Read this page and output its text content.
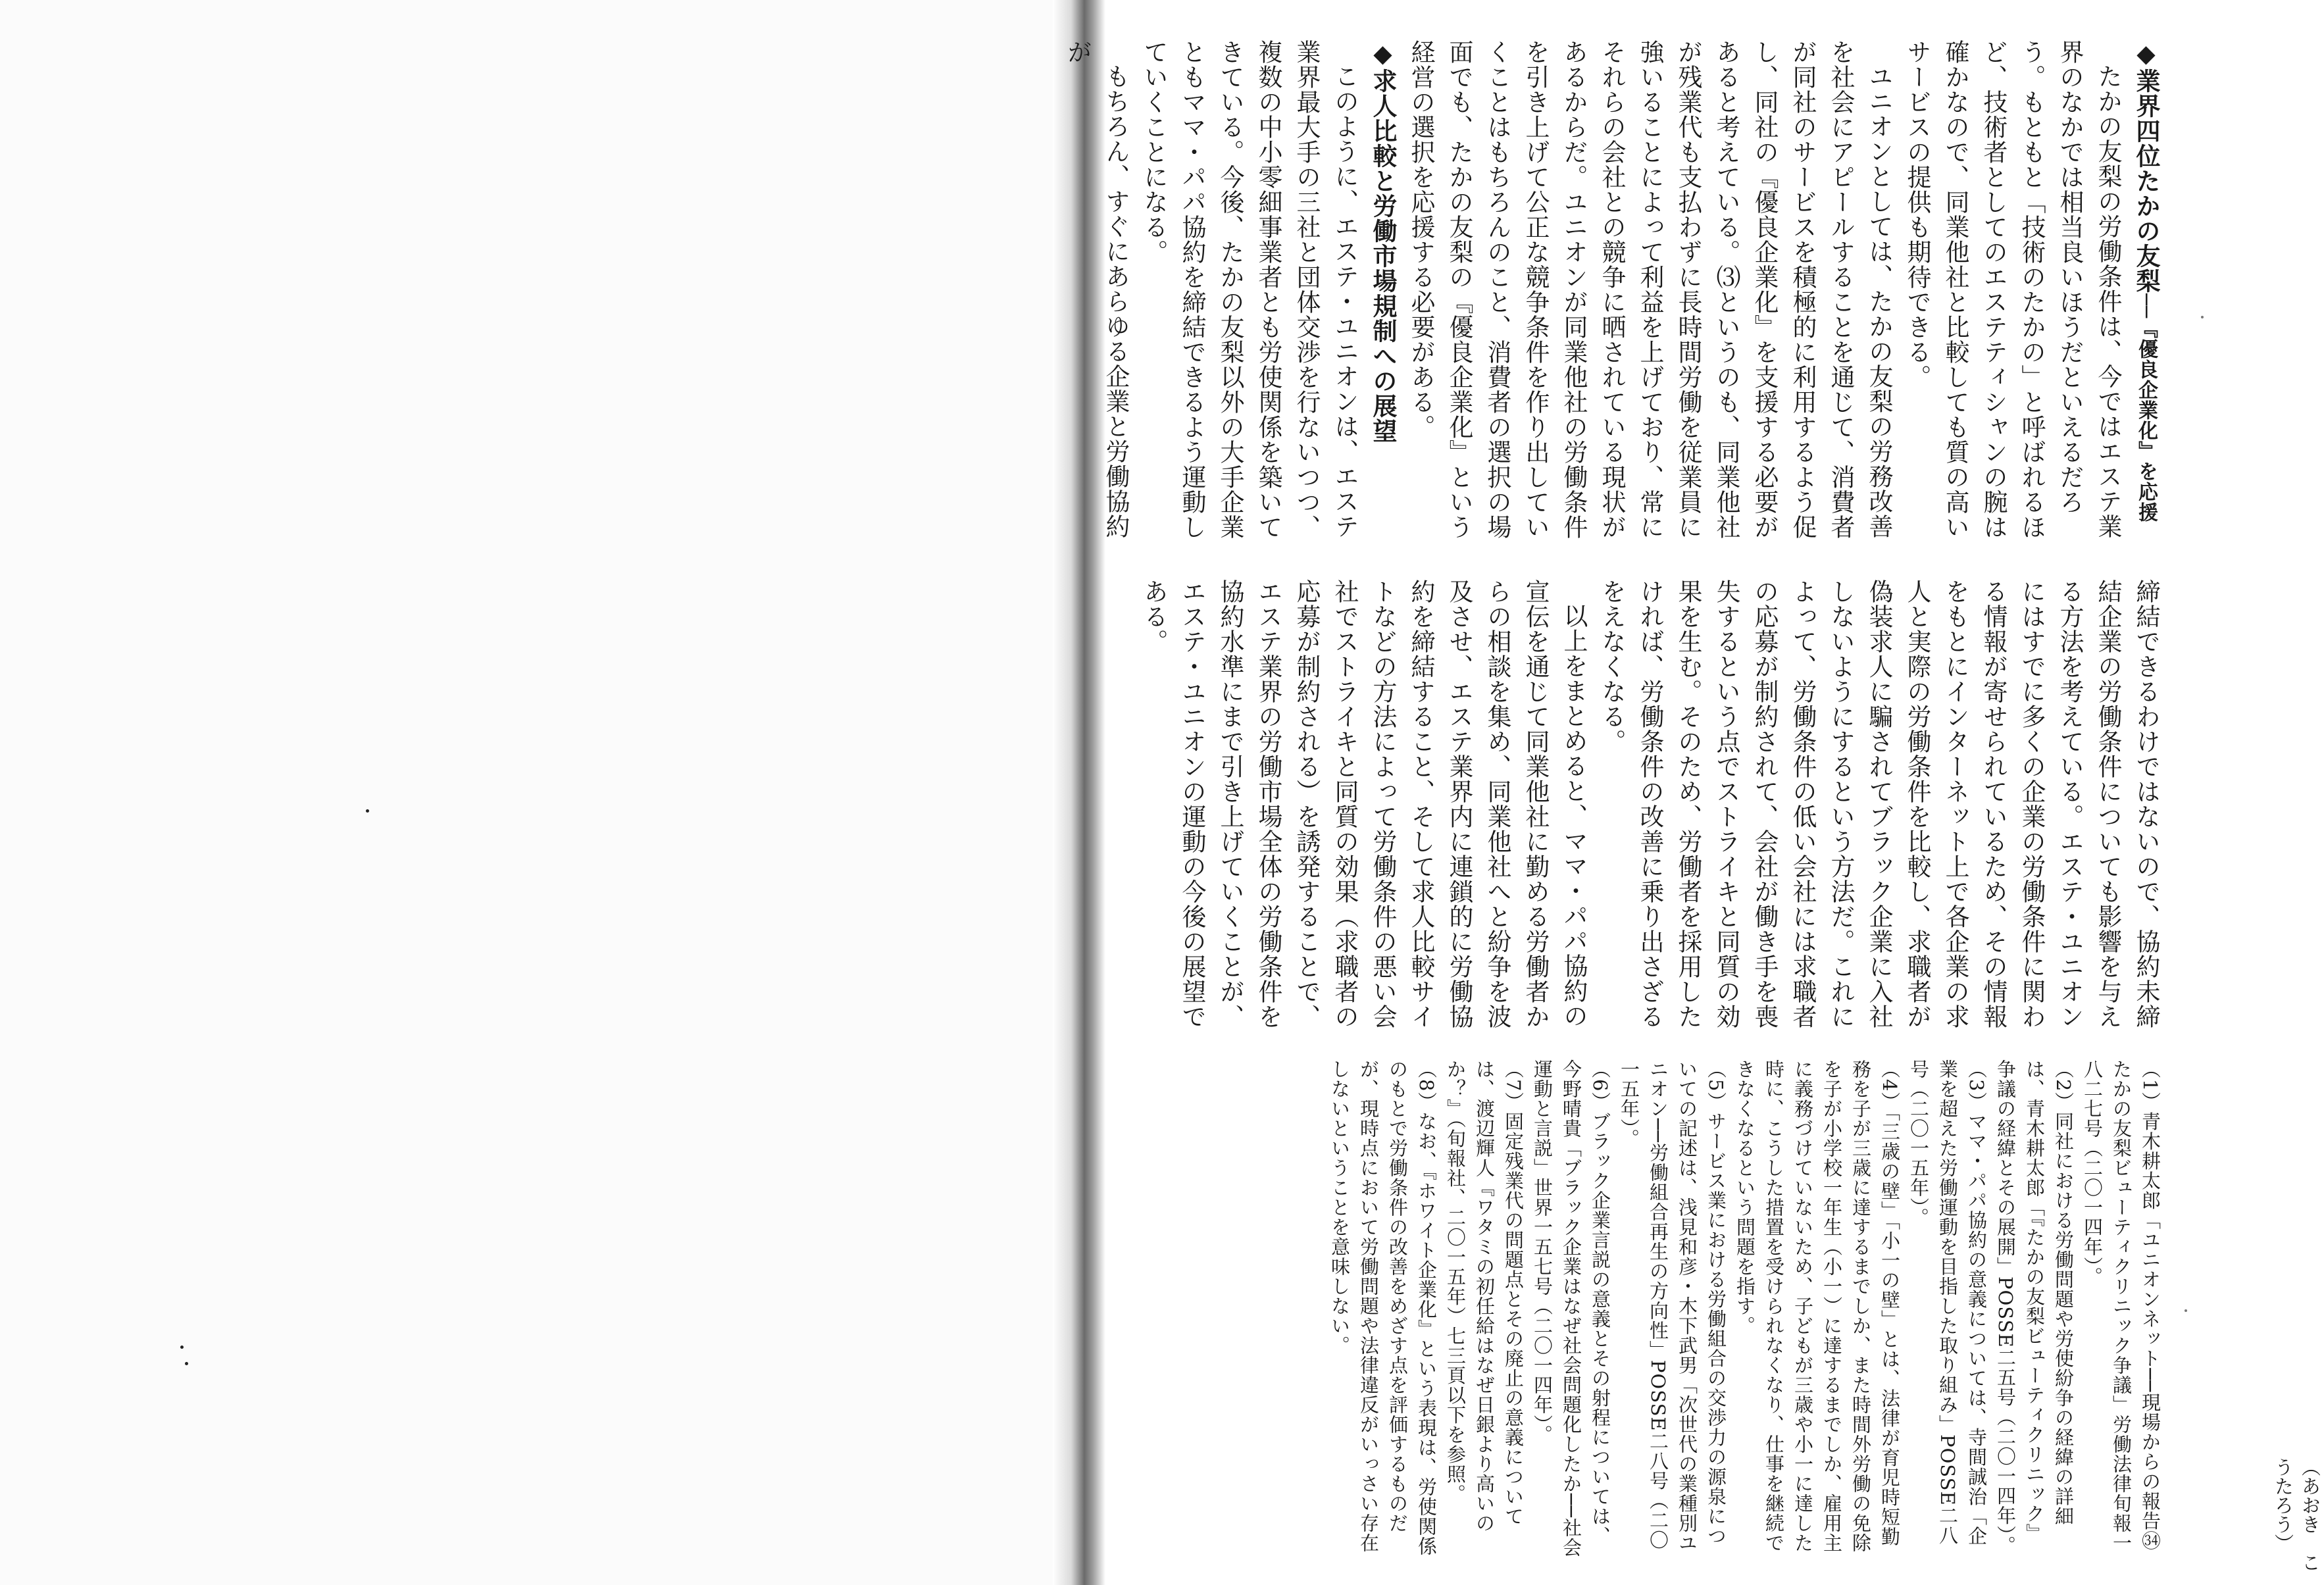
◆業界四位たかの友梨──『優良企業化』を応援

たかの友梨の労働条件は、今ではエステ業界のなかでは相当良いほうだといえるだろう。もともと「技術のたかの」と呼ばれるほど、技術者としてのエステティシャンの腕は確かなので、同業他社と比較しても質の高いサービスの提供も期待できる。

ユニオンとしては、たかの友梨の労務改善を社会にアピールすることを通じて、消費者が同社のサービスを積極的に利用するよう促し、同社の『優良企業化』を支援する必要があると考えている。⑶というのも、同業他社が残業代も支払わずに長時間労働を従業員に強いることによって利益を上げており、常にそれらの会社との競争に晒されている現状があるからだ。ユニオンが同業他社の労働条件を引き上げて公正な競争条件を作り出していくことはもちろんのこと、消費者の選択の場面でも、たかの友梨の『優良企業化』という経営の選択を応援する必要がある。

◆求人比較と労働市場規制への展望

このように、エステ・ユニオンは、エステ業界最大手の三社と団体交渉を行ないつつ、複数の中小零細事業者とも労使関係を築いてきている。今後、たかの友梨以外の大手企業ともママ・パパ協約を締結できるよう運動していくことになる。

もちろん、すぐにあらゆる企業と労働協約が

締結できるわけではないので、協約未締結企業の労働条件についても影響を与える方法を考えている。エステ・ユニオンにはすでに多くの企業の労働条件に関わる情報が寄せられているため、その情報をもとにインターネット上で各企業の求人と実際の労働条件を比較し、求職者が偽装求人に騙されてブラック企業に入社しないようにするという方法だ。これによって、労働条件の低い会社には求職者の応募が制約されて、会社が働き手を喪失するという点でストライキと同質の効果を生む。そのため、労働者を採用したければ、労働条件の改善に乗り出さざるをえなくなる。

以上をまとめると、ママ・パパ協約の宣伝を通じて同業他社に勤める労働者からの相談を集め、同業他社へと紛争を波及させ、エステ業界内に連鎖的に労働協約を締結すること、そして求人比較サイトなどの方法によって労働条件の悪い会社でストライキと同質の効果（求職者の応募が制約される）を誘発することで、エステ業界の労働市場全体の労働条件を協約水準にまで引き上げていくことが、エステ・ユニオンの運動の今後の展望である。

（1）青木耕太郎「ユニオンネット──現場からの報告㉞たかの友梨ビューティクリニック争議」労働法律旬報一八二七号（二〇一四年）。

（2）同社における労働問題や労使紛争の経緯の詳細は、青木耕太郎「『たかの友梨ビューティクリニック』争議の経緯とその展開」POSSE二五号（二〇一四年）。

（3）ママ・パパ協約の意義については、寺間誠治「企業を超えた労働運動を目指した取り組み」POSSE二八号（二〇一五年）。

（4）「三歳の壁」「小一の壁」とは、法律が育児時短勤務を子が三歳に達するまでしか、また時間外労働の免除を子が小学校一年生（小一）に達するまでしか、雇用主に義務づけていないため、子どもが三歳や小一に達した時に、こうした措置を受けられなくなり、仕事を継続できなくなるという問題を指す。

（5）サービス業における労働組合の交渉力の源泉についての記述は、浅見和彦・木下武男「次世代の業種別ユニオン──労働組合再生の方向性」POSSE二八号（二〇一五年）。

（6）ブラック企業言説の意義とその射程については、今野晴貴「ブラック企業はなぜ社会問題化したか──社会運動と言説」世界一五七号（二〇一四年）。

（7）固定残業代の問題点とその廃止の意義については、渡辺輝人『ワタミの初任給はなぜ日銀より高いのか？』（旬報社、二〇一五年）七三頁以下を参照。

（8）なお、『ホワイト企業化』という表現は、労使関係のもとで労働条件の改善をめざす点を評価するものだが、現時点において労働問題や法律違反がいっさい存在しないということを意味しない。

（あおき　こうたろう）
